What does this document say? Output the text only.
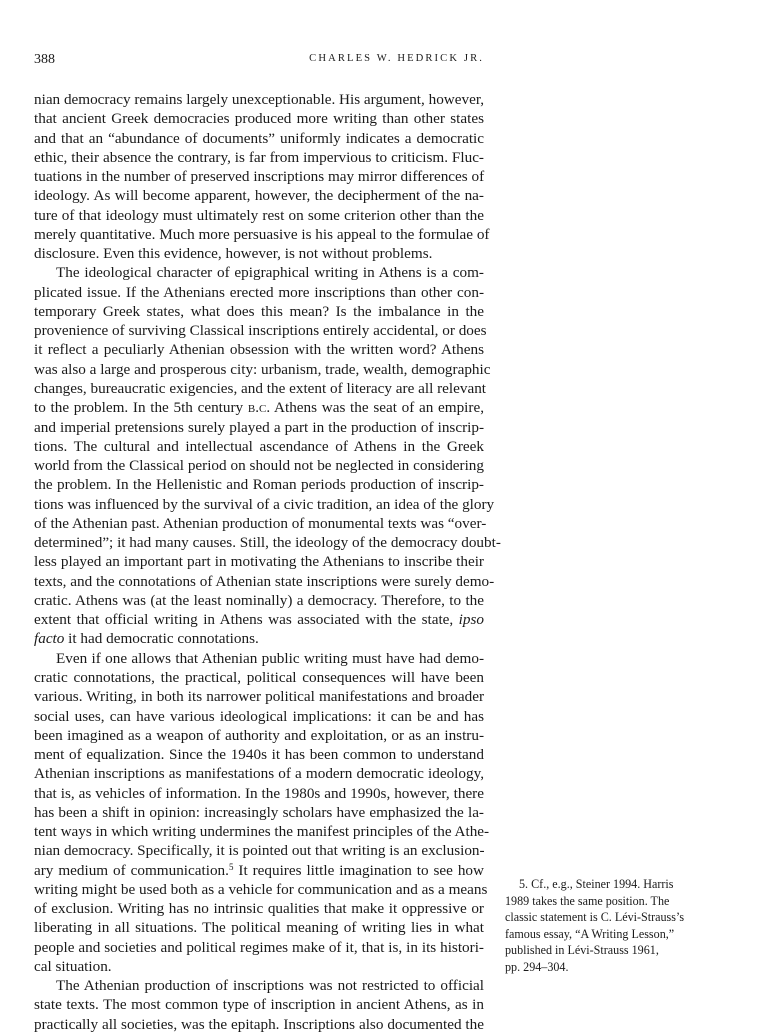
388	CHARLES W. HEDRICK JR.
nian democracy remains largely unexceptionable. His argument, however,
that ancient Greek democracies produced more writing than other states
and that an “abundance of documents” uniformly indicates a democratic
ethic, their absence the contrary, is far from impervious to criticism. Fluc-
tuations in the number of preserved inscriptions may mirror differences of
ideology. As will become apparent, however, the decipherment of the na-
ture of that ideology must ultimately rest on some criterion other than the
merely quantitative. Much more persuasive is his appeal to the formulae of
disclosure. Even this evidence, however, is not without problems.
The ideological character of epigraphical writing in Athens is a com-
plicated issue. If the Athenians erected more inscriptions than other con-
temporary Greek states, what does this mean? Is the imbalance in the
provenience of surviving Classical inscriptions entirely accidental, or does
it reflect a peculiarly Athenian obsession with the written word? Athens
was also a large and prosperous city: urbanism, trade, wealth, demographic
changes, bureaucratic exigencies, and the extent of literacy are all relevant
to the problem. In the 5th century b.c. Athens was the seat of an empire,
and imperial pretensions surely played a part in the production of inscrip-
tions. The cultural and intellectual ascendance of Athens in the Greek
world from the Classical period on should not be neglected in considering
the problem. In the Hellenistic and Roman periods production of inscrip-
tions was influenced by the survival of a civic tradition, an idea of the glory
of the Athenian past. Athenian production of monumental texts was “over-
determined”; it had many causes. Still, the ideology of the democracy doubt-
less played an important part in motivating the Athenians to inscribe their
texts, and the connotations of Athenian state inscriptions were surely demo-
cratic. Athens was (at the least nominally) a democracy. Therefore, to the
extent that official writing in Athens was associated with the state, ipso
facto it had democratic connotations.
Even if one allows that Athenian public writing must have had demo-
cratic connotations, the practical, political consequences will have been
various. Writing, in both its narrower political manifestations and broader
social uses, can have various ideological implications: it can be and has
been imagined as a weapon of authority and exploitation, or as an instru-
ment of equalization. Since the 1940s it has been common to understand
Athenian inscriptions as manifestations of a modern democratic ideology,
that is, as vehicles of information. In the 1980s and 1990s, however, there
has been a shift in opinion: increasingly scholars have emphasized the la-
tent ways in which writing undermines the manifest principles of the Athe-
nian democracy. Specifically, it is pointed out that writing is an exclusion-
ary medium of communication.$^5$ It requires little imagination to see how
writing might be used both as a vehicle for communication and as a means
of exclusion. Writing has no intrinsic qualities that make it oppressive or
liberating in all situations. The political meaning of writing lies in what
people and societies and political regimes make of it, that is, in its histori-
cal situation.
The Athenian production of inscriptions was not restricted to official
state texts. The most common type of inscription in ancient Athens, as in
practically all societies, was the epitaph. Inscriptions also documented the
5. Cf., e.g., Steiner 1994. Harris
1989 takes the same position. The
classic statement is C. Lévi-Strauss’s
famous essay, “A Writing Lesson,”
published in Lévi-Strauss 1961,
pp. 294–304.
